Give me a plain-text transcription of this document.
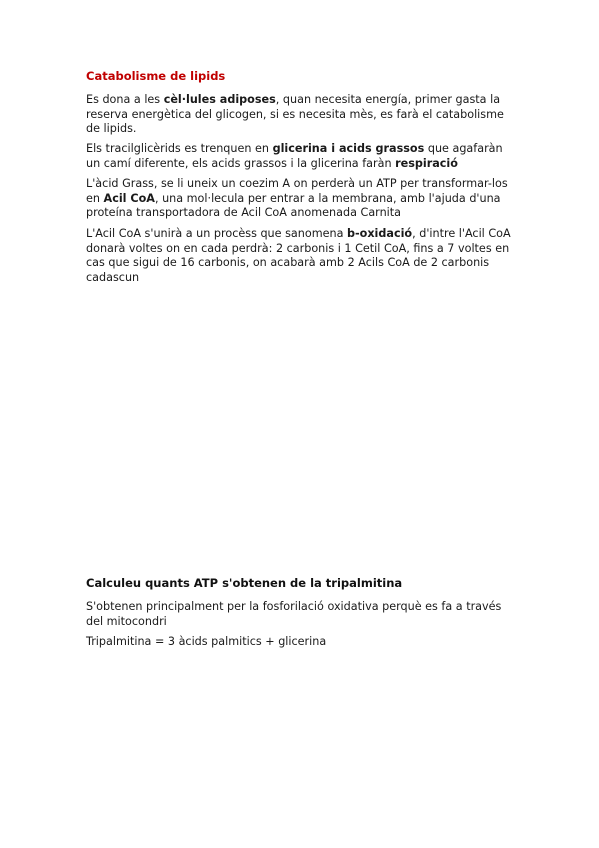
Catabolisme de lipids

Es dona a les cèl·lules adiposes, quan necesita energía, primer gasta la reserva energètica del glicogen, si es necesita mès, es farà el catabolisme de lipids.

Els tracilglicèrids es trenquen en glicerina i acids grassos que agafaràn un camí diferente, els acids grassos i la glicerina faràn respiració

L'àcid Grass, se li uneix un coezim A on perderà un ATP per transformar-los en Acil CoA, una mol·lecula per entrar a la membrana, amb l'ajuda d'una proteína transportadora de Acil CoA anomenada Carnita

L'Acil CoA s'unirà a un procèss que sanomena b-oxidació, d'intre l'Acil CoA donarà voltes on en cada perdrà: 2 carbonis i 1 Cetil CoA, fins a 7 voltes en cas que sigui de 16 carbonis, on acabarà amb 2 Acils CoA de 2 carbonis cadascun

Calculeu quants ATP s'obtenen de la tripalmitina

S'obtenen principalment per la fosforilació oxidativa perquè es fa a través del mitocondri

Tripalmitina = 3 àcids palmitics + glicerina
